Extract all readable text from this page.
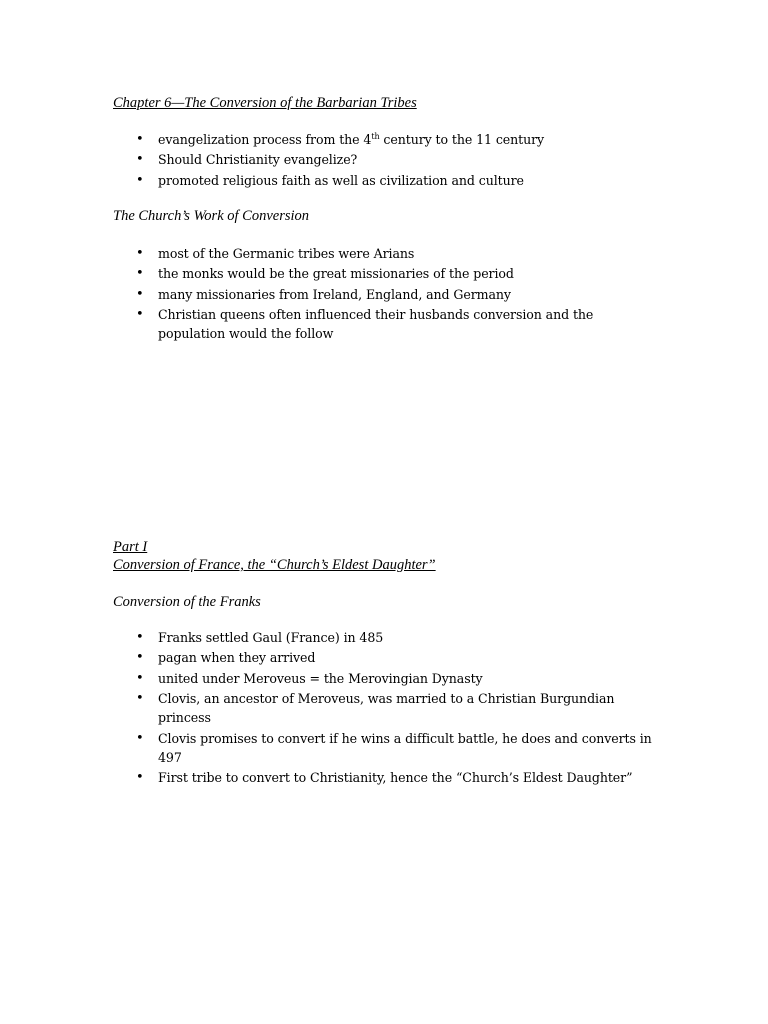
Chapter 6—The Conversion of the Barbarian Tribes
• evangelization process from the 4th century to the 11 century
• Should Christianity evangelize?
• promoted religious faith as well as civilization and culture
The Church’s Work of Conversion
• most of the Germanic tribes were Arians
• the monks would be the great missionaries of the period
• many missionaries from Ireland, England, and Germany
• Christian queens often influenced their husbands conversion and the population would the follow
Part I
Conversion of France, the “Church’s Eldest Daughter”
Conversion of the Franks
• Franks settled Gaul (France) in 485
• pagan when they arrived
• united under Meroveus = the Merovingian Dynasty
• Clovis, an ancestor of Meroveus, was married to a Christian Burgundian princess
• Clovis promises to convert if he wins a difficult battle, he does and converts in 497
• First tribe to convert to Christianity, hence the “Church’s Eldest Daughter”
